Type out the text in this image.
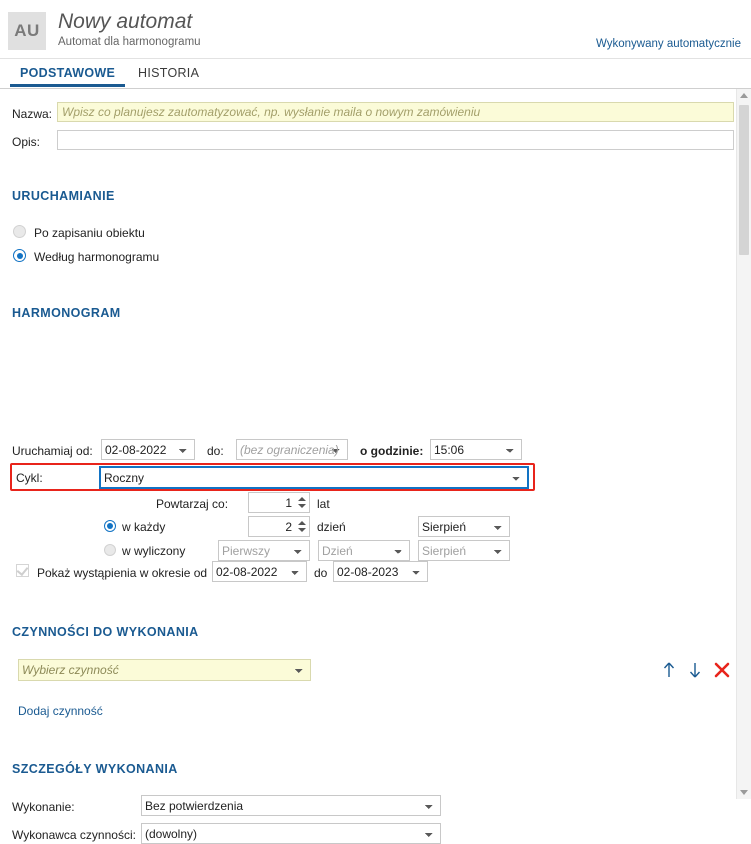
AU Nowy automat
Automat dla harmonogramu	Wykonywany automatycznie
PODSTAWOWE	HISTORIA
Nazwa:
Wpisz co planujesz zautomatyzować, np. wysłanie maila o nowym zamówieniu
Opis:
URUCHAMIANIE
Po zapisaniu obiektu
Według harmonogramu
HARMONOGRAM
Uruchamiaj od:
02-08-2022	do:
(bez ograniczenia)	o godzinie:
15:06
Cykl:
Roczny
Powtarzaj co:
1	lat
w każdy
2	dzień
Sierpień
w wyliczony
Pierwszy
Dzień
Sierpień
Pokaż wystąpienia w okresie od
02-08-2022	do
02-08-2023
CZYNNOŚCI DO WYKONANIA
Wybierz czynność
Dodaj czynność
SZCZEGÓŁY WYKONANIA
Wykonanie:
Bez potwierdzenia
Wykonawca czynności:
(dowolny)
